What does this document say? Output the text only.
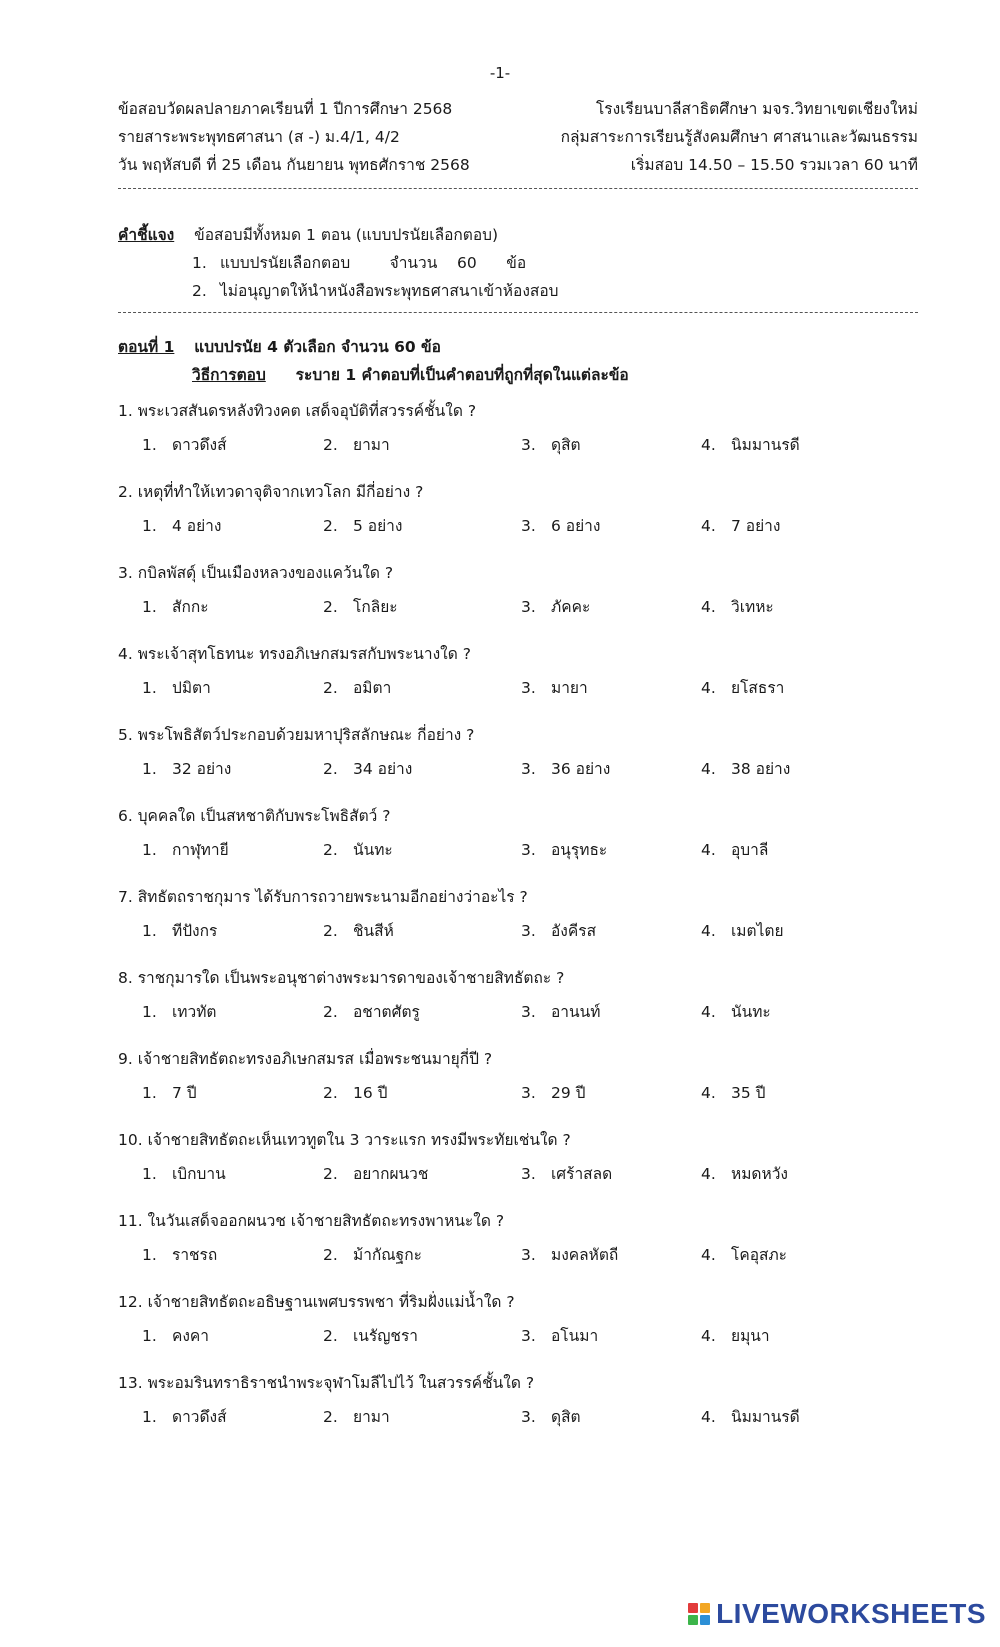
-1-
ข้อสอบวัดผลปลายภาคเรียนที่ 1 ปีการศึกษา 2568	โรงเรียนบาลีสาธิตศึกษา มจร.วิทยาเขตเชียงใหม่
รายสาระพระพุทธศาสนา (ส -) ม.4/1, 4/2	กลุ่มสาระการเรียนรู้สังคมศึกษา ศาสนาและวัฒนธรรม
วัน พฤหัสบดี ที่ 25 เดือน กันยายน พุทธศักราช 2568	เริ่มสอบ 14.50 – 15.50 รวมเวลา 60 นาที
คำชี้แจง ข้อสอบมีทั้งหมด 1 ตอน (แบบปรนัยเลือกตอบ)
1. แบบปรนัยเลือกตอบ        จำนวน    60      ข้อ
2. ไม่อนุญาตให้นำหนังสือพระพุทธศาสนาเข้าห้องสอบ
ตอนที่ 1 แบบปรนัย 4 ตัวเลือก จำนวน 60 ข้อ
วิธีการตอบ ระบาย 1 คำตอบที่เป็นคำตอบที่ถูกที่สุดในแต่ละข้อ
1. พระเวสสันดรหลังทิวงคต เสด็จอุบัติที่สวรรค์ชั้นใด ?
1. ดาวดึงส์	2. ยามา	3. ดุสิต	4. นิมมานรดี
2. เหตุที่ทำให้เทวดาจุติจากเทวโลก มีกี่อย่าง ?
1. 4 อย่าง	2. 5 อย่าง	3. 6 อย่าง	4. 7 อย่าง
3. กบิลพัสดุ์ เป็นเมืองหลวงของแคว้นใด ?
1. สักกะ	2. โกลิยะ	3. ภัคคะ	4. วิเทหะ
4. พระเจ้าสุทโธทนะ ทรงอภิเษกสมรสกับพระนางใด ?
1. ปมิตา	2. อมิตา	3. มายา	4. ยโสธรา
5. พระโพธิสัตว์ประกอบด้วยมหาปุริสลักษณะ กี่อย่าง ?
1. 32 อย่าง	2. 34 อย่าง	3. 36 อย่าง	4. 38 อย่าง
6. บุคคลใด เป็นสหชาติกับพระโพธิสัตว์ ?
1. กาฬุทายี	2. นันทะ	3. อนุรุทธะ	4. อุบาลี
7. สิทธัตถราชกุมาร ได้รับการถวายพระนามอีกอย่างว่าอะไร ?
1. ทีปังกร	2. ชินสีห์	3. อังคีรส	4. เมตไตย
8. ราชกุมารใด เป็นพระอนุชาต่างพระมารดาของเจ้าชายสิทธัตถะ ?
1. เทวทัต	2. อชาตศัตรู	3. อานนท์	4. นันทะ
9. เจ้าชายสิทธัตถะทรงอภิเษกสมรส เมื่อพระชนมายุกี่ปี ?
1. 7 ปี	2. 16 ปี	3. 29 ปี	4. 35 ปี
10. เจ้าชายสิทธัตถะเห็นเทวทูตใน 3 วาระแรก ทรงมีพระทัยเช่นใด ?
1. เบิกบาน	2. อยากผนวช	3. เศร้าสลด	4. หมดหวัง
11. ในวันเสด็จออกผนวช เจ้าชายสิทธัตถะทรงพาหนะใด ?
1. ราชรถ	2. ม้ากัณฐกะ	3. มงคลหัตถี	4. โคอุสภะ
12. เจ้าชายสิทธัตถะอธิษฐานเพศบรรพชา ที่ริมฝั่งแม่น้ำใด ?
1. คงคา	2. เนรัญชรา	3. อโนมา	4. ยมุนา
13. พระอมรินทราธิราชนำพระจุฬาโมลีไปไว้ ในสวรรค์ชั้นใด ?
1. ดาวดึงส์	2. ยามา	3. ดุสิต	4. นิมมานรดี
LIVEWORKSHEETS
